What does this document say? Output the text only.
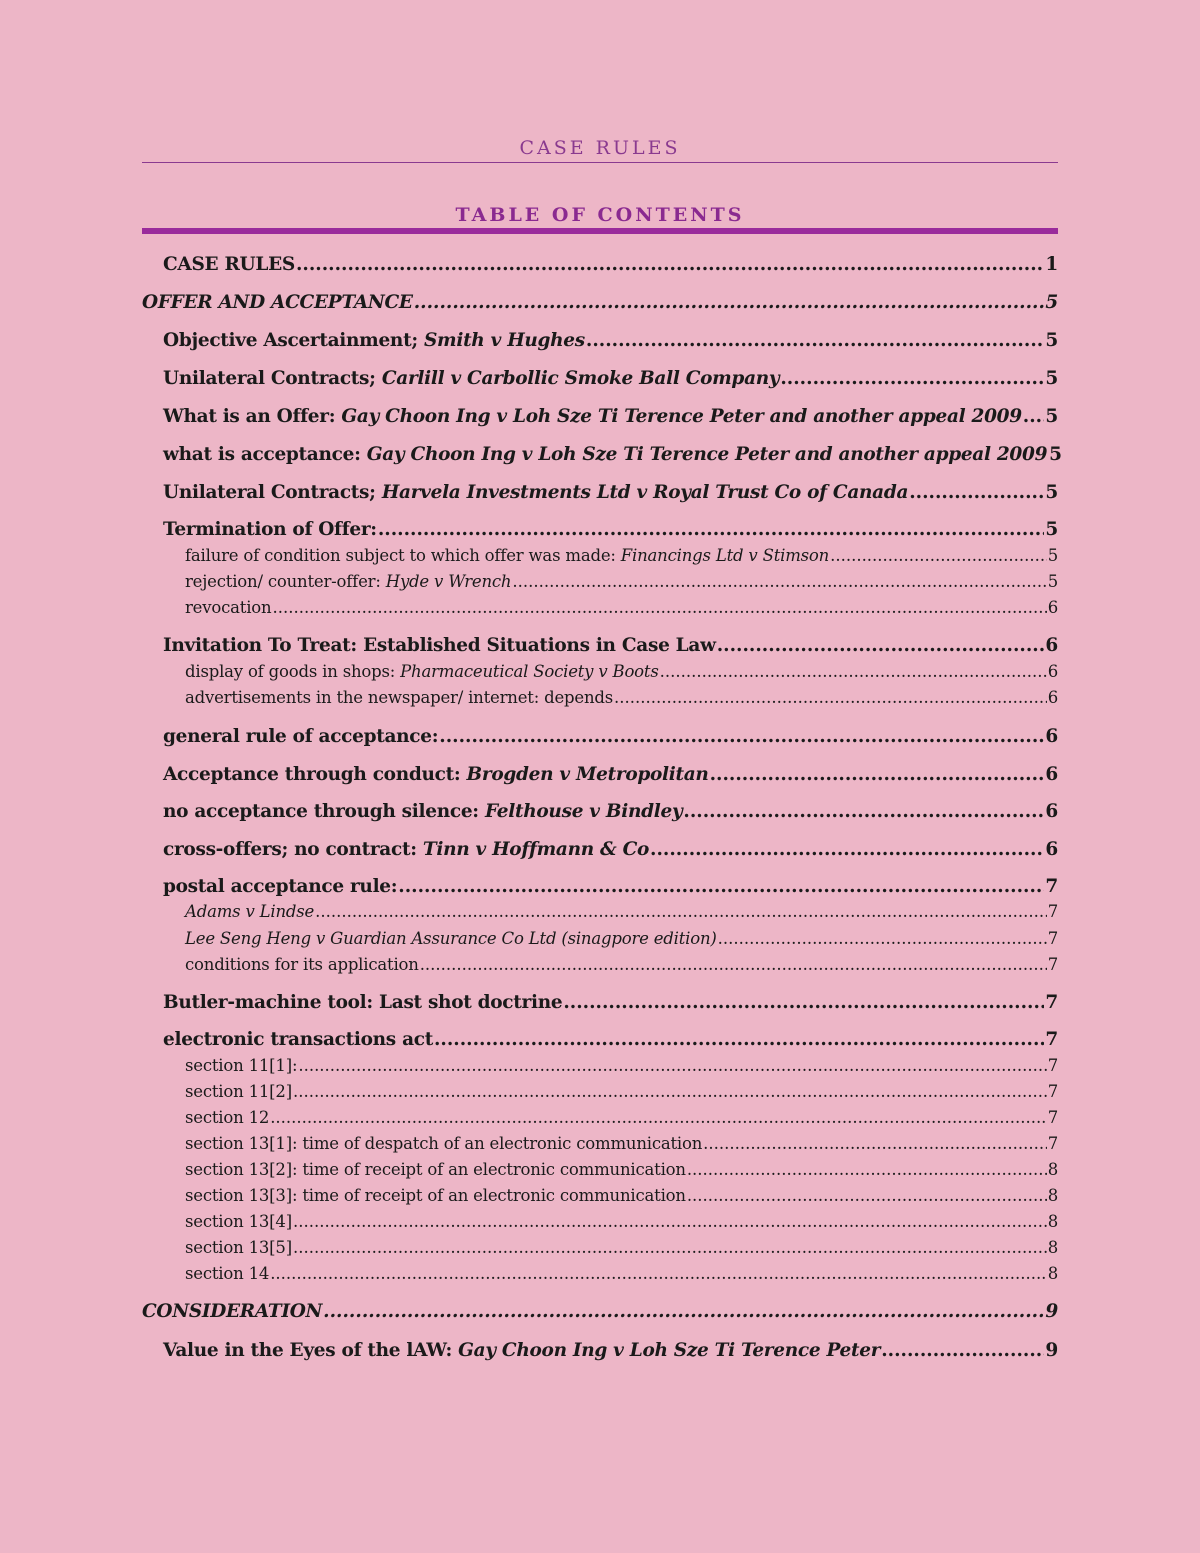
CASE RULES
TABLE OF CONTENTS
CASE RULES .....	1
OFFER AND ACCEPTANCE .....	5
Objective Ascertainment; Smith v Hughes .....	5
Unilateral Contracts; Carlill v Carbollic Smoke Ball Company .....	5
What is an Offer: Gay Choon Ing v Loh Sze Ti Terence Peter and another appeal 2009 ..... 5
what is acceptance: Gay Choon Ing v Loh Sze Ti Terence Peter and another appeal 2009 5
Unilateral Contracts; Harvela Investments Ltd v Royal Trust Co of Canada .....	5
Termination of Offer: .....	5
failure of condition subject to which offer was made: Financings Ltd v Stimson .....	5
rejection/ counter-offer: Hyde v Wrench .....	5
revocation .....	6
Invitation To Treat: Established Situations in Case Law .....	6
display of goods in shops: Pharmaceutical Society v Boots .....	6
advertisements in the newspaper/ internet: depends .....	6
general rule of acceptance: .....	6
Acceptance through conduct: Brogden v Metropolitan .....	6
no acceptance through silence: Felthouse v Bindley .....	6
cross-offers; no contract: Tinn v Hoffmann & Co .....	6
postal acceptance rule: .....	7
Adams v Lindse .....	7
Lee Seng Heng v Guardian Assurance Co Ltd (sinagpore edition) .....	7
conditions for its application .....	7
Butler-machine tool: Last shot doctrine .....	7
electronic transactions act .....	7
section 11[1]: .....	7
section 11[2] .....	7
section 12 .....	7
section 13[1]: time of despatch of an electronic communication .....	7
section 13[2]: time of receipt of an electronic communication .....	8
section 13[3]: time of receipt of an electronic communication .....	8
section 13[4] .....	8
section 13[5] .....	8
section 14 .....	8
CONSIDERATION .....	9
Value in the Eyes of the lAW: Gay Choon Ing v Loh Sze Ti Terence Peter .....	9
